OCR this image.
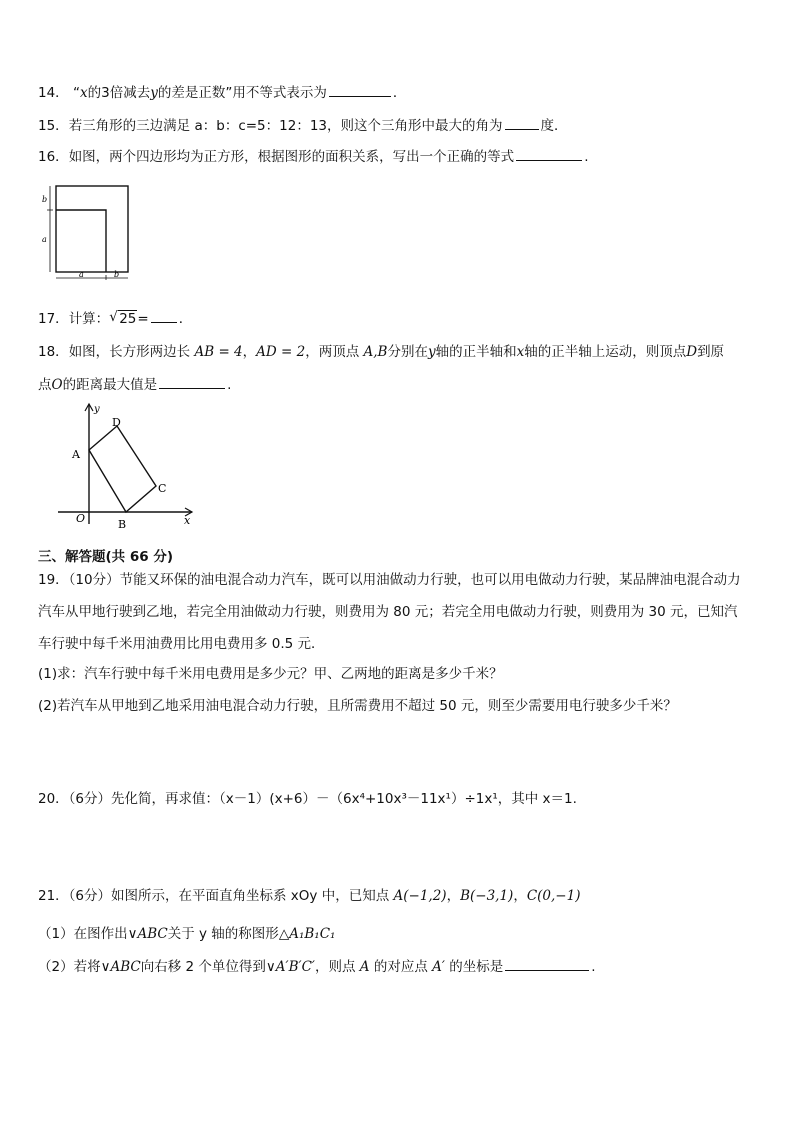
14． “x的3倍减去y的差是正数”用不等式表示为	．
15．若三角形的三边满足 a：b：c=5：12：13，则这个三角形中最大的角为	度．
16．如图，两个四边形均为正方形，根据图形的面积关系，写出一个正确的等式	.
b
a
a	b
17．计算： √ 25= ．
18．如图，长方形两边长 AB = 4，AD = 2，两顶点 A,B分别在y轴的正半轴和x轴的正半轴上运动，则顶点D到原
点O的距离最大值是	.
y
x
O
A
B
C
D
三、解答题(共 66 分)
19．（10分）节能又环保的油电混合动力汽车，既可以用油做动力行驶，也可以用电做动力行驶，某品牌油电混合动力
汽车从甲地行驶到乙地，若完全用油做动力行驶，则费用为 80 元；若完全用电做动力行驶，则费用为 30 元，已知汽
车行驶中每千米用油费用比用电费用多 0.5 元．
(1)求：汽车行驶中每千米用电费用是多少元？甲、乙两地的距离是多少千米？
(2)若汽车从甲地到乙地采用油电混合动力行驶，且所需费用不超过 50 元，则至少需要用电行驶多少千米？
20．（6分）先化简，再求值：（x－1）(x+6）－（6x⁴+10x³－11x¹）÷1x¹，其中 x＝1.
21．（6分）如图所示，在平面直角坐标系 xOy 中，已知点 A(−1,2)，B(−3,1)，C(0,−1)
（1）在图作出∨ABC关于 y 轴的称图形△A₁B₁C₁
（2）若将∨ABC向右移 2 个单位得到∨A′B′C′，则点 A 的对应点 A′ 的坐标是	.
